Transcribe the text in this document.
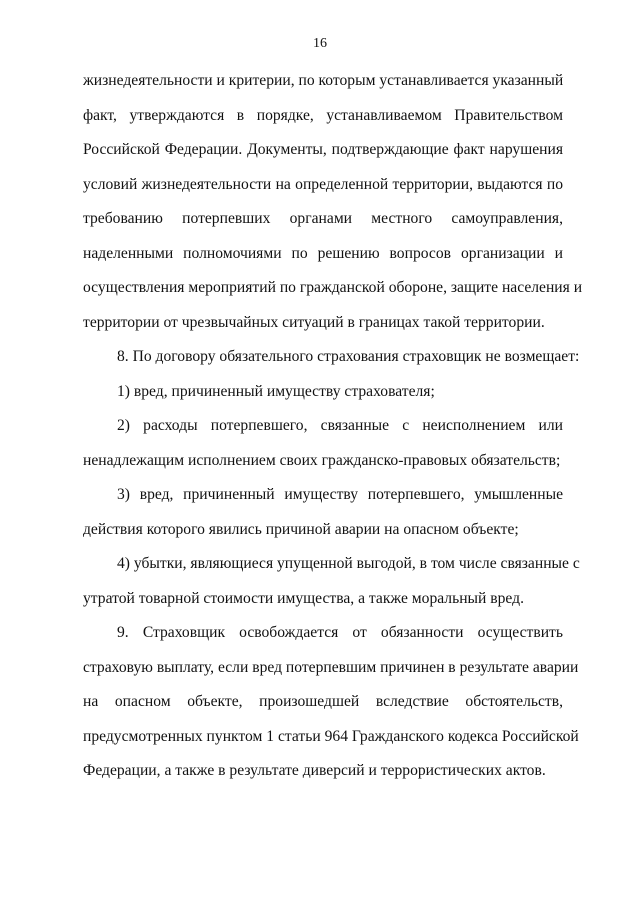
16
жизнедеятельности и критерии, по которым устанавливается указанный
факт, утверждаются в порядке, устанавливаемом Правительством
Российской Федерации. Документы, подтверждающие факт нарушения
условий жизнедеятельности на определенной территории, выдаются по
требованию потерпевших органами местного самоуправления,
наделенными полномочиями по решению вопросов организации и
осуществления мероприятий по гражданской обороне, защите населения и
территории от чрезвычайных ситуаций в границах такой территории.
8. По договору обязательного страхования страховщик не возмещает:
1) вред, причиненный имуществу страхователя;
2) расходы потерпевшего, связанные с неисполнением или
ненадлежащим исполнением своих гражданско-правовых обязательств;
3) вред, причиненный имуществу потерпевшего, умышленные
действия которого явились причиной аварии на опасном объекте;
4) убытки, являющиеся упущенной выгодой, в том числе связанные с
утратой товарной стоимости имущества, а также моральный вред.
9. Страховщик освобождается от обязанности осуществить
страховую выплату, если вред потерпевшим причинен в результате аварии
на опасном объекте, произошедшей вследствие обстоятельств,
предусмотренных пунктом 1 статьи 964 Гражданского кодекса Российской
Федерации, а также в результате диверсий и террористических актов.
